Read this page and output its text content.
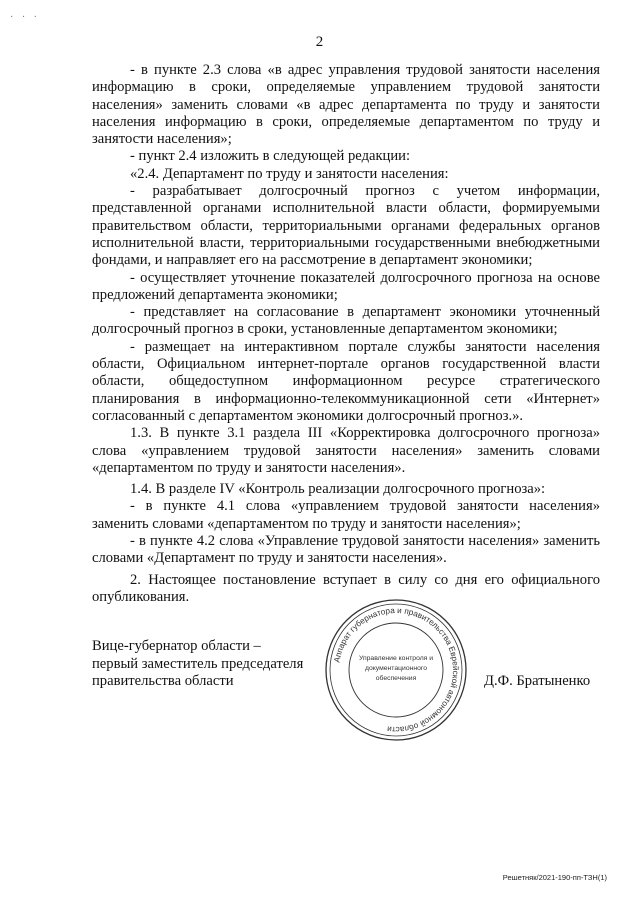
· · ·
2

- в пункте 2.3 слова «в адрес управления трудовой занятости населения информацию в сроки, определяемые управлением трудовой занятости населения» заменить словами «в адрес департамента по труду и занятости населения информацию в сроки, определяемые департаментом по труду и занятости населения»;

- пункт 2.4 изложить в следующей редакции:

«2.4. Департамент по труду и занятости населения:

- разрабатывает долгосрочный прогноз с учетом информации, представленной органами исполнительной власти области, формируемыми правительством области, территориальными органами федеральных органов исполнительной власти, территориальными государственными внебюджетными фондами, и направляет его на рассмотрение в департамент экономики;

- осуществляет уточнение показателей долгосрочного прогноза на основе предложений департамента экономики;

- представляет на согласование в департамент экономики уточненный долгосрочный прогноз в сроки, установленные департаментом экономики;

- размещает на интерактивном портале службы занятости населения области, Официальном интернет-портале органов государственной власти области, общедоступном информационном ресурсе стратегического планирования в информационно-телекоммуникационной сети «Интернет» согласованный с департаментом экономики долгосрочный прогноз.».

1.3. В пункте 3.1 раздела III «Корректировка долгосрочного прогноза» слова «управлением трудовой занятости населения» заменить словами «департаментом по труду и занятости населения».

1.4. В разделе IV «Контроль реализации долгосрочного прогноза»:

- в пункте 4.1 слова «управлением трудовой занятости населения» заменить словами «департаментом по труду и занятости населения»;

- в пункте 4.2 слова «Управление трудовой занятости населения» заменить словами «Департамент по труду и занятости населения».

2. Настоящее постановление вступает в силу со дня его официального опубликования.

Вице-губернатор области –
первый заместитель председателя
правительства области
Аппарат губернатора и правительства Еврейской автономной области
Управление контроля и
документационного
обеспечения	Д.Ф. Братыненко
Решетняк/2021-190-пп-ТЗН(1)
